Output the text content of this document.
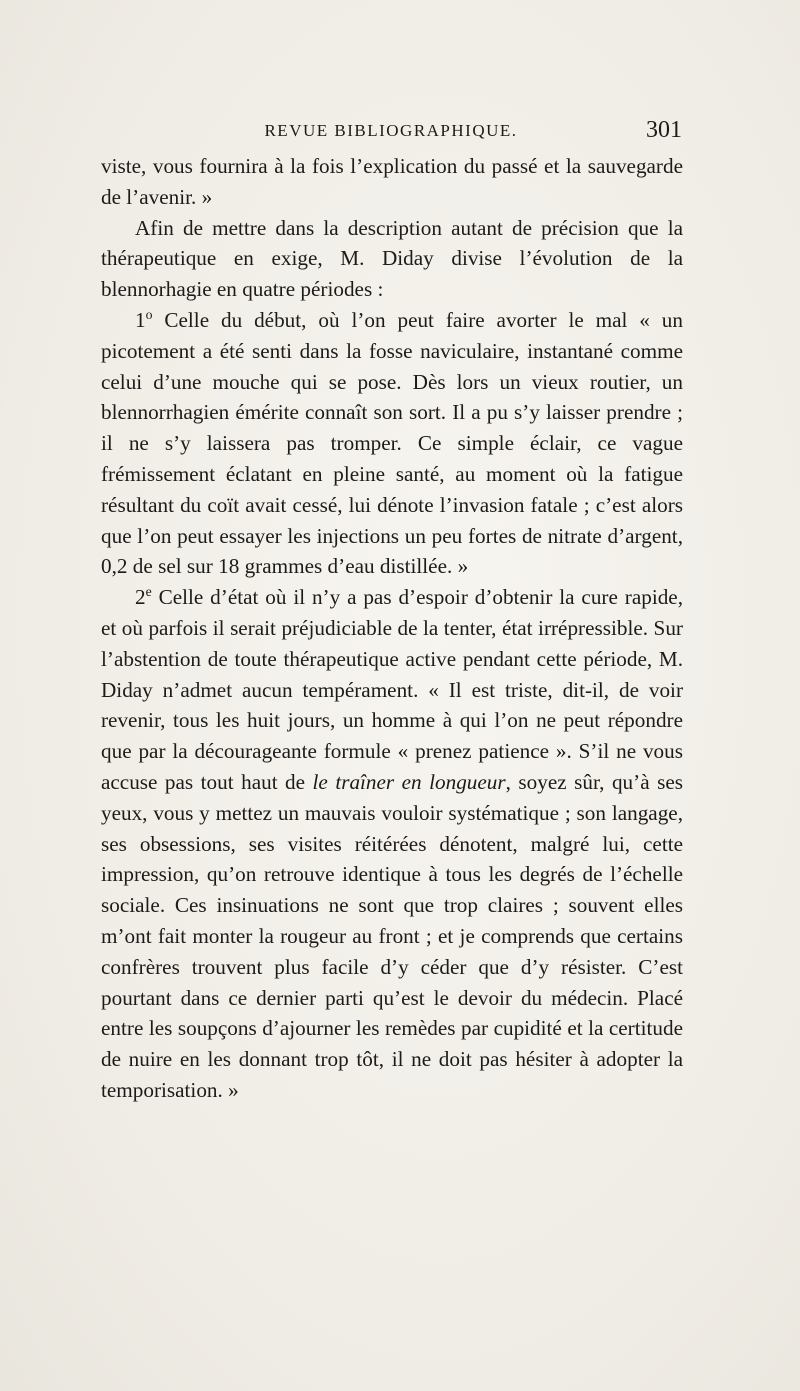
REVUE BIBLIOGRAPHIQUE.	301

viste, vous fournira à la fois l’explication du passé et la sauvegarde de l’avenir. »

Afin de mettre dans la description autant de précision que la thérapeutique en exige, M. Diday divise l’évolution de la blennorhagie en quatre périodes :

1$^o$ Celle du début, où l’on peut faire avorter le mal « un picotement a été senti dans la fosse naviculaire, instantané comme celui d’une mouche qui se pose. Dès lors un vieux routier, un blennorrhagien émérite connaît son sort. Il a pu s’y laisser prendre ; il ne s’y laissera pas tromper. Ce simple éclair, ce vague frémissement éclatant en pleine santé, au moment où la fatigue résultant du coït avait cessé, lui dénote l’invasion fatale ; c’est alors que l’on peut essayer les injections un peu fortes de nitrate d’argent, 0,2 de sel sur 18 grammes d’eau distillée. »

2e Celle d’état où il n’y a pas d’espoir d’obtenir la cure rapide, et où parfois il serait préjudiciable de la tenter, état irrépressible. Sur l’abstention de toute thérapeutique active pendant cette période, M. Diday n’admet aucun tempérament. « Il est triste, dit-il, de voir revenir, tous les huit jours, un homme à qui l’on ne peut répondre que par la décourageante formule « prenez patience ». S’il ne vous accuse pas tout haut de le traîner en longueur, soyez sûr, qu’à ses yeux, vous y mettez un mauvais vouloir systématique ; son langage, ses obsessions, ses visites réitérées dénotent, malgré lui, cette impression, qu’on retrouve identique à tous les degrés de l’échelle sociale. Ces insinuations ne sont que trop claires ; souvent elles m’ont fait monter la rougeur au front ; et je comprends que certains confrères trouvent plus facile d’y céder que d’y résister. C’est pourtant dans ce dernier parti qu’est le devoir du médecin. Placé entre les soupçons d’ajourner les remèdes par cupidité et la certitude de nuire en les donnant trop tôt, il ne doit pas hésiter à adopter la temporisation. »
